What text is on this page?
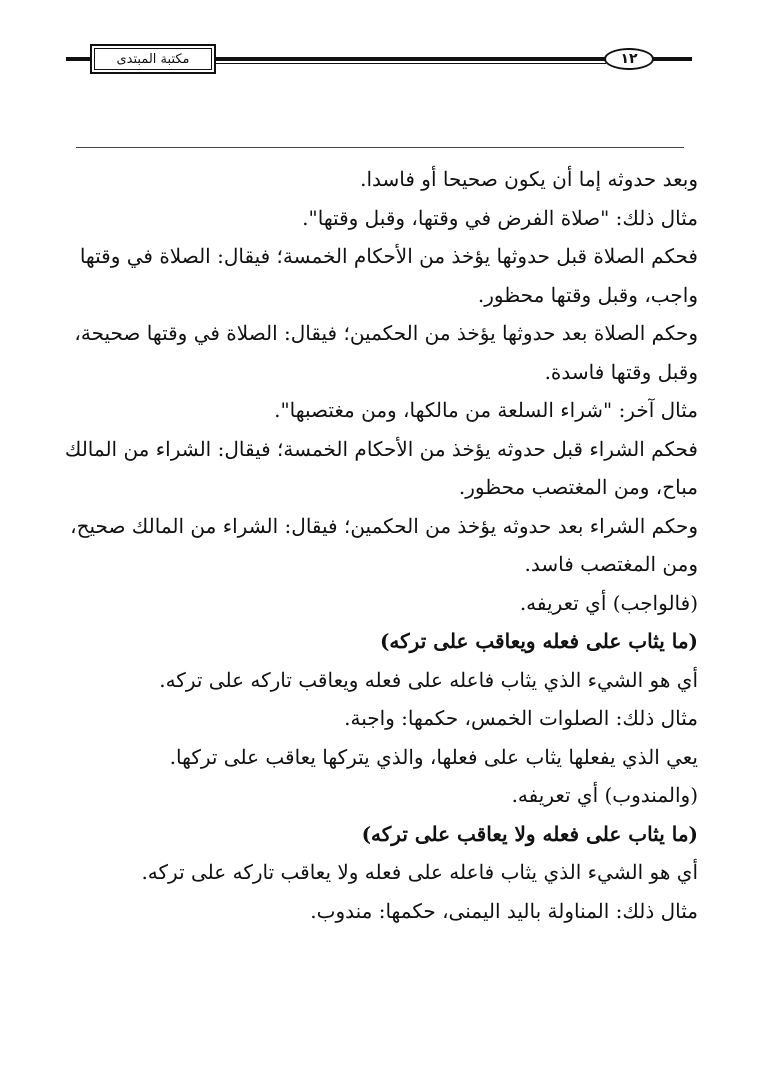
مكتبة المبتدى	١٢
وبعد حدوثه إما أن يكون صحيحا أو فاسدا.
مثال ذلك: "صلاة الفرض في وقتها، وقبل وقتها".
فحكم الصلاة قبل حدوثها يؤخذ من الأحكام الخمسة؛ فيقال: الصلاة في وقتها
واجب، وقبل وقتها محظور.
وحكم الصلاة بعد حدوثها يؤخذ من الحكمين؛ فيقال: الصلاة في وقتها صحيحة،
وقبل وقتها فاسدة.
مثال آخر: "شراء السلعة من مالكها، ومن مغتصبها".
فحكم الشراء قبل حدوثه يؤخذ من الأحكام الخمسة؛ فيقال: الشراء من المالك
مباح، ومن المغتصب محظور.
وحكم الشراء بعد حدوثه يؤخذ من الحكمين؛ فيقال: الشراء من المالك صحيح،
ومن المغتصب فاسد.
(فالواجب) أي تعريفه.
(ما يثاب على فعله ويعاقب على تركه)
أي هو الشيء الذي يثاب فاعله على فعله ويعاقب تاركه على تركه.
مثال ذلك: الصلوات الخمس، حكمها: واجبة.
يعي الذي يفعلها يثاب على فعلها، والذي يتركها يعاقب على تركها.
(والمندوب) أي تعريفه.
(ما يثاب على فعله ولا يعاقب على تركه)
أي هو الشيء الذي يثاب فاعله على فعله ولا يعاقب تاركه على تركه.
مثال ذلك: المناولة باليد اليمنى، حكمها: مندوب.
